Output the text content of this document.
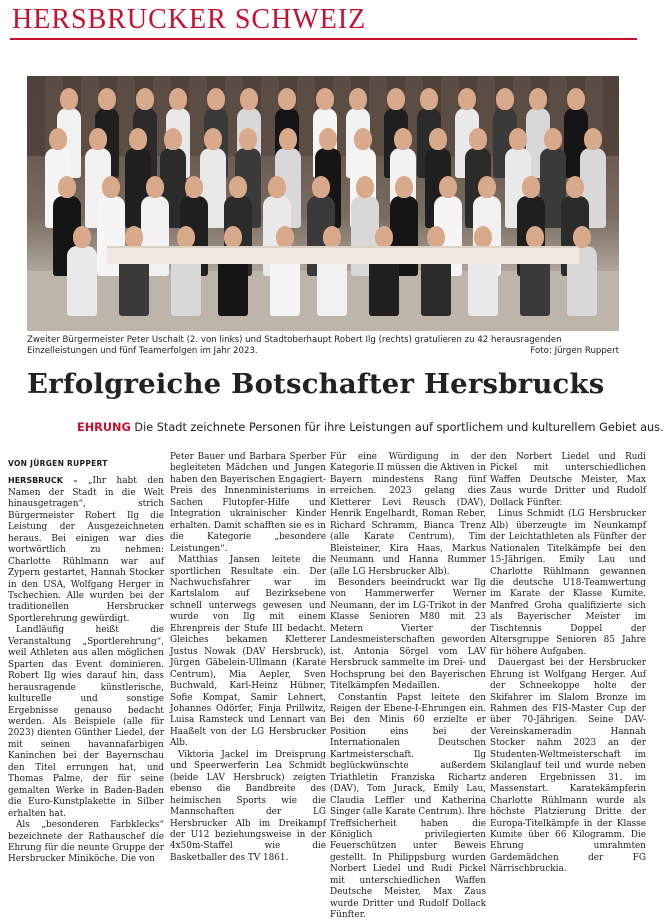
HERSBRUCKER SCHWEIZ
Zweiter Bürgermeister Peter Uschalt (2. von links) und Stadtoberhaupt Robert Ilg (rechts) gratulieren zu 42 herausragenden Einzelleistungen und fünf Teamerfolgen im Jahr 2023.	Foto: Jürgen Ruppert
Erfolgreiche Botschafter Hersbrucks
EHRUNG Die Stadt zeichnete Personen für ihre Leistungen auf sportlichem und kulturellem Gebiet aus.
VON JÜRGEN RUPPERT

HERSBRUCK – „Ihr habt den Namen der Stadt in die Welt hinausgetragen“, strich Bürgermeister Robert Ilg die Leistung der Ausgezeichneten heraus. Bei einigen war dies wortwörtlich zu nehmen: Charlotte Rühlmann war auf Zypern gestartet, Hannah Stocker in den USA, Wolfgang Herger in Tschechien. Alle wurden bei der traditionellen Hersbrucker Sportlerehrung gewürdigt.

Landläufig heißt die Veranstaltung „Sportlerehrung“, weil Athleten aus allen möglichen Sparten das Event dominieren. Robert Ilg wies darauf hin, dass herausragende künstlerische, kulturelle und sonstige Ergebnisse genauso bedacht werden. Als Beispiele (alle für 2023) dienten Günther Liedel, der mit seinen havannafarbigen Kaninchen bei der Bayernschau den Titel errungen hat, und Thomas Palme, der für seine gemalten Werke in Baden-Baden die Euro-Kunstplakette in Silber erhalten hat.

Als „besonderen Farbklecks“ bezeichnete der Rathauschef die Ehrung für die neunte Gruppe der Hersbrucker Miniköche. Die von

Peter Bauer und Barbara Sperber begleiteten Mädchen und Jungen haben den Bayerischen Engagiert-Preis des Innenministeriums in Sachen Flutopfer-Hilfe und Integration ukrainischer Kinder erhalten. Damit schafften sie es in die Kategorie „besondere Leistungen“.

Matthias Jansen leitete die sportlichen Resultate ein. Der Nachwuchsfahrer war im Kartslalom auf Bezirksebene schnell unterwegs gewesen und wurde von Ilg mit einem Ehrenpreis der Stufe III bedacht. Gleiches bekamen Kletterer Justus Nowak (DAV Hersbruck), Jürgen Gäbelein-Ullmann (Karate Centrum), Mia Aepler, Sven Buchwald, Karl-Heinz Hübner, Sofie Kompat, Samir Lehnert, Johannes Odörfer, Finja Prillwitz, Luisa Ramsteck und Lennart van Haaßelt von der LG Hersbrucker Alb.

Viktoria Jackel im Dreisprung und Speerwerferin Lea Schmidt (beide LAV Hersbruck) zeigten ebenso die Bandbreite des heimischen Sports wie die Mannschaften der LG Hersbrucker Alb im Dreikampf der U12 beziehungsweise in der 4x50m-Staffel wie die Basketballer des TV 1861.

Für eine Würdigung in der Kategorie II müssen die Aktiven in Bayern mindestens Rang fünf erreichen. 2023 gelang dies Kletterer Levi Reusch (DAV), Henrik Engelhardt, Roman Reber, Richard Schramm, Bianca Trenz (alle Karate Centrum), Tim Bleisteiner, Kira Haas, Markus Neumann und Hanna Rummer (alle LG Hersbrucker Alb).

Besonders beeindruckt war Ilg von Hammerwerfer Werner Neumann, der im LG-Trikot in der Klasse Senioren M80 mit 23 Metern Vierter der Landesmeisterschaften geworden ist. Antonia Sörgel vom LAV Hersbruck sammelte im Drei- und Hochsprung bei den Bayerischen Titelkämpfen Medaillen.

Constantin Papst leitete den Reigen der Ebene-I-Ehrungen ein. Bei den Minis 60 erzielte er Position eins bei der Internationalen Deutschen Kartmeisterschaft. Ilg beglückwünschte außerdem Triathletin Franziska Richartz (DAV), Tom Jurack, Emily Lau, Claudia Leffler und Katherina Singer (alle Karate Centrum). Ihre Treffsicherheit haben die Königlich privilegierten Feuerschützen unter Beweis gestellt. In Philippsburg wurden Norbert Liedel und Rudi Pickel mit unterschiedlichen Waffen Deutsche Meister, Max Zaus wurde Dritter und Rudolf Dollack Fünfter.

den Norbert Liedel und Rudi Pickel mit unterschiedlichen Waffen Deutsche Meister, Max Zaus wurde Dritter und Rudolf Dollack Fünfter.

Linus Schmidt (LG Hersbrucker Alb) überzeugte im Neunkampf der Leichtathleten als Fünfter der Nationalen Titelkämpfe bei den 15-Jährigen. Emily Lau und Charlotte Rühlmann gewannen die deutsche U18-Teamwertung im Karate der Klasse Kumite. Manfred Groha qualifizierte sich als Bayerischer Meister im Tischtennis Doppel der Altersgruppe Senioren 85 Jahre für höhere Aufgaben.

Dauergast bei der Hersbrucker Ehrung ist Wolfgang Herger. Auf der Schneekoppe holte der Skifahrer im Slalom Bronze im Rahmen des FIS-Master Cup der über 70-Jährigen. Seine DAV-Vereinskameradin Hannah Stocker nahm 2023 an der Studenten-Weltmeisterschaft im Skilanglauf teil und wurde neben anderen Ergebnissen 31. im Massenstart. Karatekämpferin Charlotte Rühlmann wurde als höchste Platzierung Dritte der Europa-Titelkämpfe in der Klasse Kumite über 66 Kilogramm. Die Ehrung umrahmten Gardemädchen der FG Närrischbruckia.
